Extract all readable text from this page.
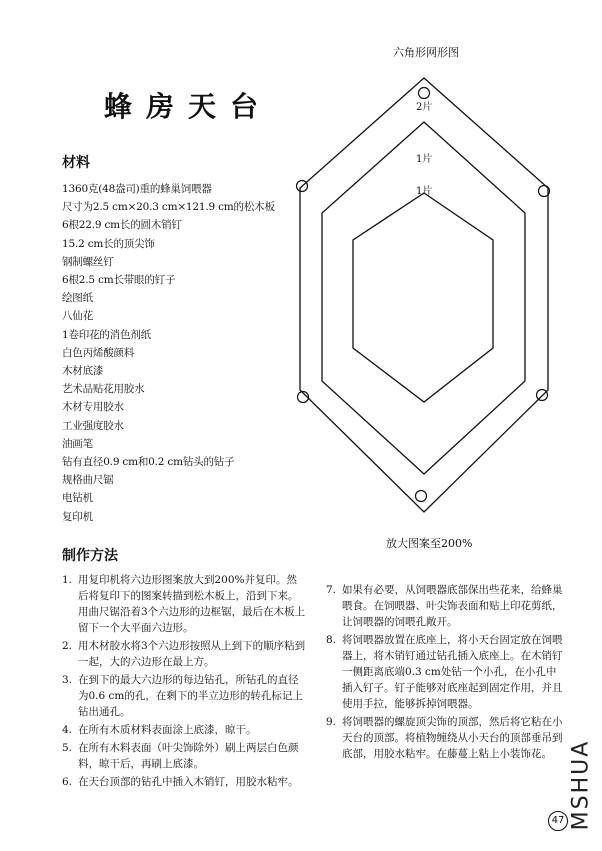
蜂房天台
材料
1360克(48盎司)重的蜂巢饲喂器
尺寸为2.5 cm×20.3 cm×121.9 cm的松木板
6根22.9 cm长的圆木销钉
15.2 cm长的顶尖饰
钢制螺丝钉
6根2.5 cm长带眼的钉子
绘图纸
八仙花
1卷印花的消色剂纸
白色丙烯酸颜料
木材底漆
艺术品贴花用胶水
木材专用胶水
工业强度胶水
油画笔
钻有直径0.9 cm和0.2 cm钻头的钻子
规格曲尺锯
电钻机
复印机
六角形网形图
2片
1片
1片
放大图案至200%
制作方法
1. 用复印机将六边形图案放大到200%并复印。然后将复印下的图案转描到松木板上，沿到下来。用曲尺锯沿着3个六边形的边框锯，最后在木板上留下一个大平面六边形。
2. 用木材胶水将3个六边形按照从上到下的顺序粘到一起，大的六边形在最上方。
3. 在到下的最大六边形的每边钻孔，所钻孔的直径为0.6 cm的孔，在剩下的半立边形的转孔标记上钻出通孔。
4. 在所有木质材料表面涂上底漆，晾干。
5. 在所有木料表面（叶尖饰除外）刷上两层白色颜料，晾干后，再刷上底漆。
6. 在天台顶部的钻孔中插入木销钉，用胶水粘牢。
7. 如果有必要，从饲喂器底部保出些花来，给蜂巢喂食。在饲喂器、叶尖饰表面和贴上印花剪纸，让饲喂器的饲喂孔敞开。
8. 将饲喂器放置在底座上，将小天台固定放在饲喂器上，将木销钉通过钻孔插入底座上。在木销钉一侧距离底端0.3 cm处钻一个小孔，在小孔中插入钉子。钉子能够对底座起到固定作用，并且使用手拉，能够拆掉饲喂器。
9. 将饲喂器的螺旋顶尖饰的顶部，然后将它粘在小天台的顶部。将植物缠绕从小天台的顶部垂吊到底部，用胶水粘牢。在藤蔓上粘上小装饰花。
47 MSHUA
